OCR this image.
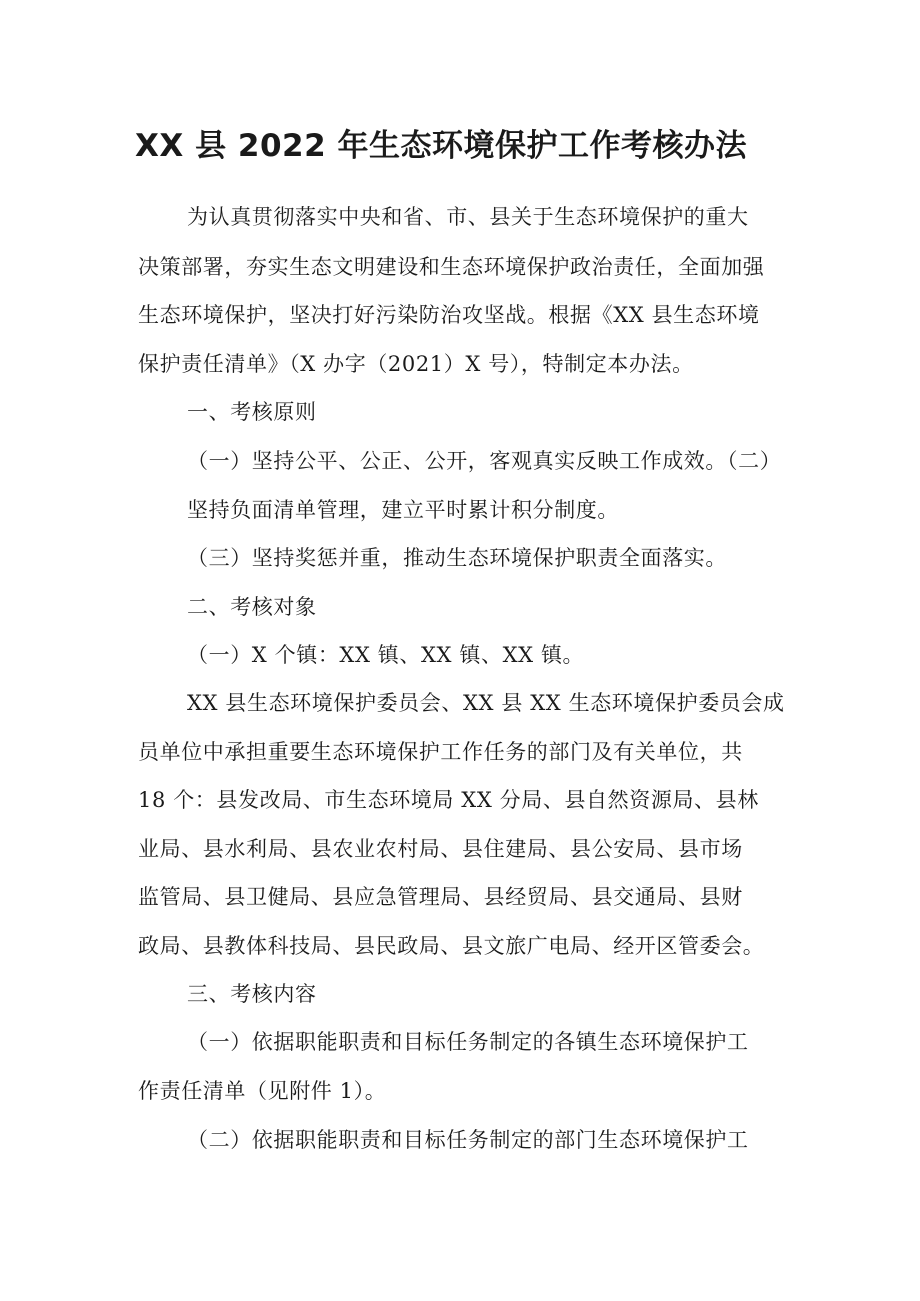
XX 县 2022 年生态环境保护工作考核办法
为认真贯彻落实中央和省、市、县关于生态环境保护的重大
决策部署，夯实生态文明建设和生态环境保护政治责任，全面加强
生态环境保护，坚决打好污染防治攻坚战。根据《XX 县生态环境
保护责任清单》（X 办字（2021）X 号），特制定本办法。
一、考核原则
（一）坚持公平、公正、公开，客观真实反映工作成效。（二）
坚持负面清单管理，建立平时累计积分制度。
（三）坚持奖惩并重，推动生态环境保护职责全面落实。
二、考核对象
（一）X 个镇：XX 镇、XX 镇、XX 镇。
XX 县生态环境保护委员会、XX 县 XX 生态环境保护委员会成
员单位中承担重要生态环境保护工作任务的部门及有关单位，共
18 个：县发改局、市生态环境局 XX 分局、县自然资源局、县林
业局、县水利局、县农业农村局、县住建局、县公安局、县市场
监管局、县卫健局、县应急管理局、县经贸局、县交通局、县财
政局、县教体科技局、县民政局、县文旅广电局、经开区管委会。
三、考核内容
（一）依据职能职责和目标任务制定的各镇生态环境保护工
作责任清单（见附件 1）。
（二）依据职能职责和目标任务制定的部门生态环境保护工
